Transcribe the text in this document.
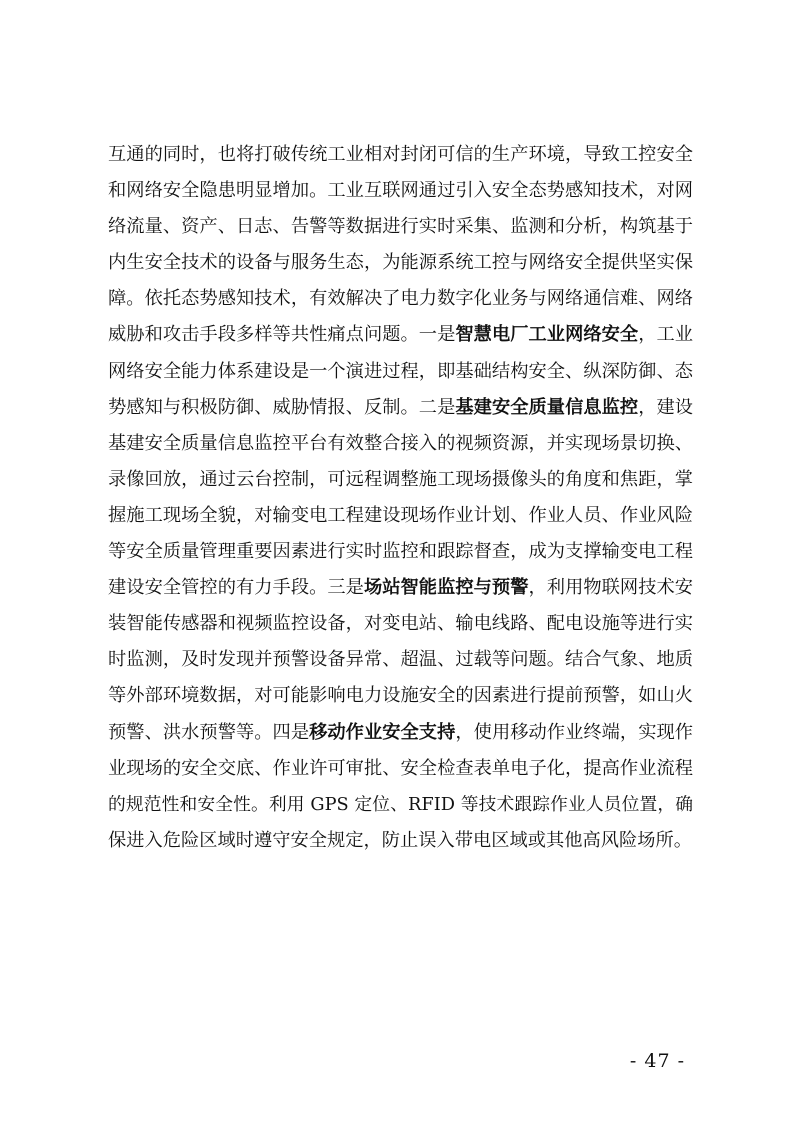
互通的同时，也将打破传统工业相对封闭可信的生产环境，导致工控安全
和网络安全隐患明显增加。工业互联网通过引入安全态势感知技术，对网
络流量、资产、日志、告警等数据进行实时采集、监测和分析，构筑基于
内生安全技术的设备与服务生态，为能源系统工控与网络安全提供坚实保
障。依托态势感知技术，有效解决了电力数字化业务与网络通信难、网络
威胁和攻击手段多样等共性痛点问题。一是智慧电厂工业网络安全，工业
网络安全能力体系建设是一个演进过程，即基础结构安全、纵深防御、态
势感知与积极防御、威胁情报、反制。二是基建安全质量信息监控，建设
基建安全质量信息监控平台有效整合接入的视频资源，并实现场景切换、
录像回放，通过云台控制，可远程调整施工现场摄像头的角度和焦距，掌
握施工现场全貌，对输变电工程建设现场作业计划、作业人员、作业风险
等安全质量管理重要因素进行实时监控和跟踪督查，成为支撑输变电工程
建设安全管控的有力手段。三是场站智能监控与预警，利用物联网技术安
装智能传感器和视频监控设备，对变电站、输电线路、配电设施等进行实
时监测，及时发现并预警设备异常、超温、过载等问题。结合气象、地质
等外部环境数据，对可能影响电力设施安全的因素进行提前预警，如山火
预警、洪水预警等。四是移动作业安全支持，使用移动作业终端，实现作
业现场的安全交底、作业许可审批、安全检查表单电子化，提高作业流程
的规范性和安全性。利用 GPS 定位、RFID 等技术跟踪作业人员位置，确
保进入危险区域时遵守安全规定，防止误入带电区域或其他高风险场所。
- 47 -
